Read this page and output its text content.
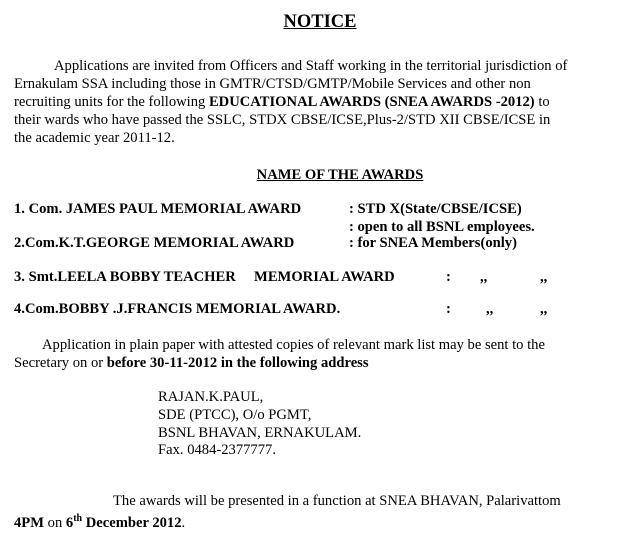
NOTICE
Applications are invited from Officers and Staff working in the territorial jurisdiction of
Ernakulam SSA including those in GMTR/CTSD/GMTP/Mobile Services and other non
recruiting units for the following EDUCATIONAL AWARDS (SNEA AWARDS -2012) to
their wards who have passed the SSLC, STDX CBSE/ICSE,Plus-2/STD XII CBSE/ICSE in
the academic year 2011-12.
NAME OF THE AWARDS
1. Com. JAMES PAUL MEMORIAL AWARD	: STD X(State/CBSE/ICSE)
: open to all BSNL employees.
2.Com.K.T.GEORGE MEMORIAL AWARD	: for SNEA Members(only)
3. Smt.LEELA BOBBY TEACHER     MEMORIAL AWARD	: ,,	,,
4.Com.BOBBY .J.FRANCIS MEMORIAL AWARD.	: ,,	,,
Application in plain paper with attested copies of relevant mark list may be sent to the
Secretary on or before 30-11-2012 in the following address
RAJAN.K.PAUL,
SDE (PTCC), O/o PGMT,
BSNL BHAVAN, ERNAKULAM.
Fax. 0484-2377777.
The awards will be presented in a function at SNEA BHAVAN, Palarivattom
4PM on 6th December 2012.
